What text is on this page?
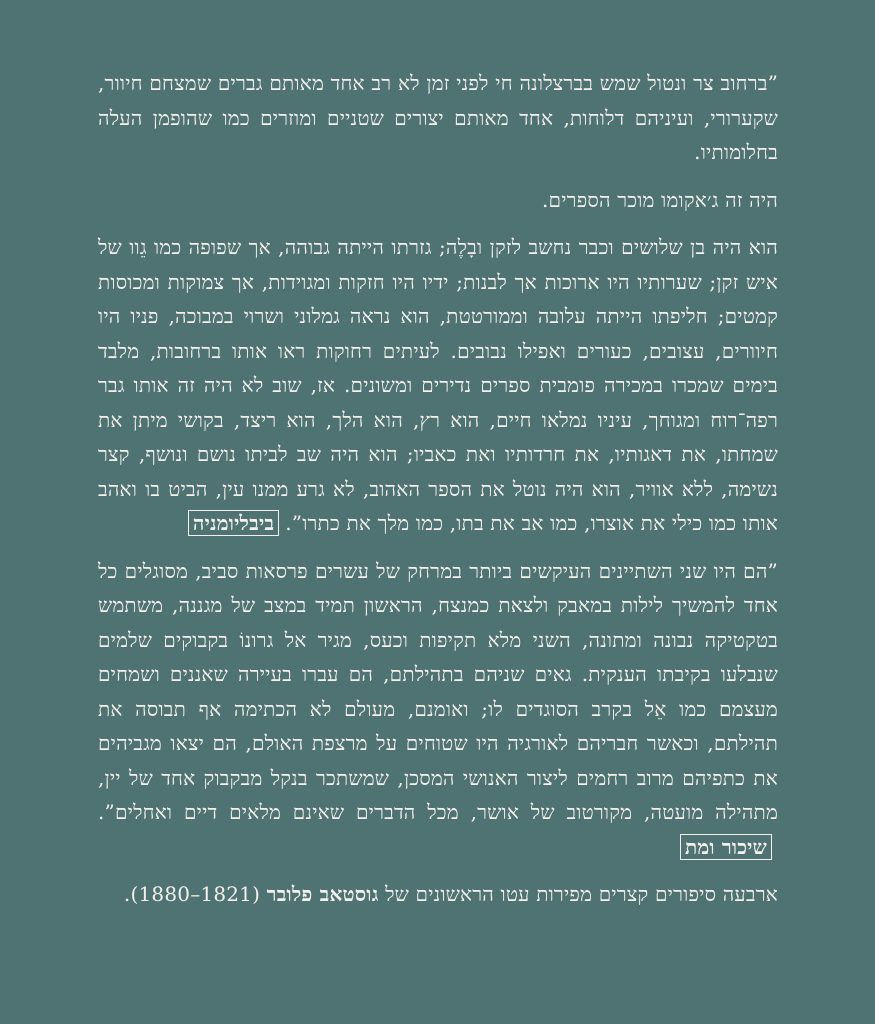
”ברחוב צר ונטול שמש בברצלונה חי לפני זמן לא רב אחד מאותם גברים שמצחם חיוור, שקערורי, ועיניהם דלוחות, אחד מאותם יצורים שטניים ומוזרים כמו שהופמן העלה בחלומותיו.

היה זה ג׳אקומו מוכר הספרים.

הוא היה בן שלושים וכבר נחשב לזקן ובָלֶה; גזרתו הייתה גבוהה, אך שפופה כמו גֵוו של איש זקן; שערותיו היו ארוכות אך לבנות; ידיו היו חזקות ומגוידות, אך צמוקות ומכוסות קמטים; חליפתו הייתה עלובה וממורטטת, הוא נראה גמלוני ושרוי במבוכה, פניו היו חיוורים, עצובים, כעורים ואפילו נבובים. לעיתים רחוקות ראו אותו ברחובות, מלבד בימים שמכרו במכירה פומבית ספרים נדירים ומשונים. אז, שוב לא היה זה אותו גבר רפה־רוח ומגוחך, עיניו נמלאו חיים, הוא רץ, הוא הלך, הוא ריצד, בקושי מיתן את שמחתו, את דאגותיו, את חרדותיו ואת כאביו; הוא היה שב לביתו נושם ונושף, קצר נשימה, ללא אוויר, הוא היה נוטל את הספר האהוב, לא גרע ממנו עין, הביט בו ואהב אותו כמו כילי את אוצרו, כמו אב את בתו, כמו מלך את כתרו”.ביבליומניה

”הם היו שני השתיינים העיקשים ביותר במרחק של עשרים פרסאות סביב, מסוגלים כל אחד להמשיך לילות במאבק ולצאת כמנצח, הראשון תמיד במצב של מגננה, משתמש בטקטיקה נבונה ומתונה, השני מלא תקיפות וכעס, מגיר אל גרונוֹ בקבוקים שלמים שנבלעו בקיבתו הענקית. גאים שניהם בתהילתם, הם עברו בעיירה שאננים ושמחים מעצמם כמו אֵל בקרב הסוגדים לו; ואומנם, מעולם לא הכתימה אף תבוסה את תהילתם, וכאשר חבריהם לאורגיה היו שטוחים על מרצפת האולם, הם יצאו מגביהים את כתפיהם מרוב רחמים ליצור האנושי המסכן, שמשתכר בנקל מבקבוק אחד של יין, מתהילה מועטה, מקורטוב של אושר, מכל הדברים שאינם מלאים דיים ואחלים”.שיכור ומת

ארבעה סיפורים קצרים מפירות עטו הראשונים של גוסטאב פלובר (1821–1880).
